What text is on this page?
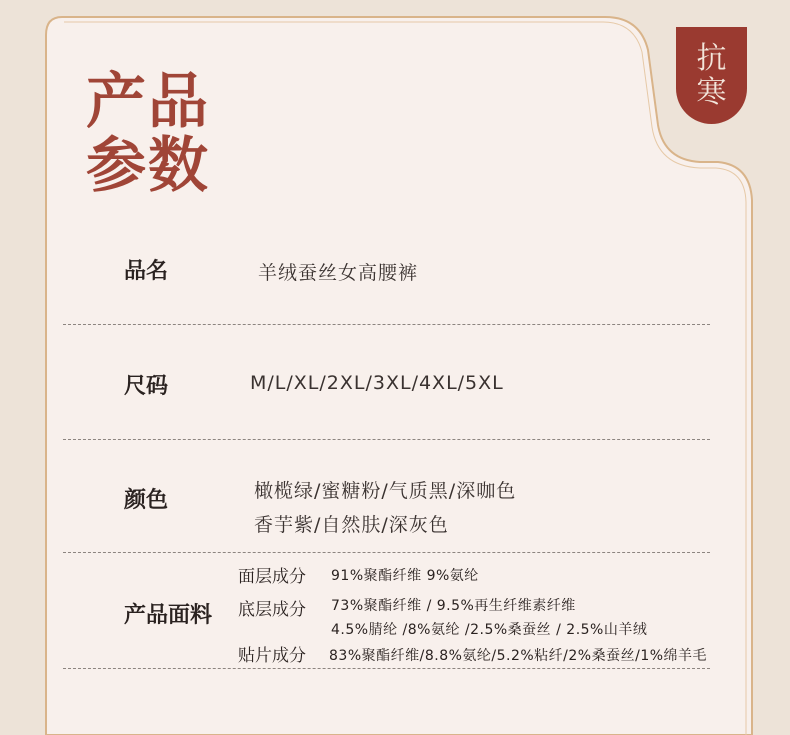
产品
参数
抗
寒
品名	羊绒蚕丝女高腰裤
尺码	M/L/XL/2XL/3XL/4XL/5XL
颜色	橄榄绿/蜜糖粉/气质黑/深咖色
香芋紫/自然肤/深灰色
产品面料
面层成分 91%聚酯纤维 9%氨纶
底层成分 73%聚酯纤维 / 9.5%再生纤维素纤维
4.5%腈纶 /8%氨纶 /2.5%桑蚕丝 / 2.5%山羊绒
贴片成分 83%聚酯纤维/8.8%氨纶/5.2%粘纤/2%桑蚕丝/1%绵羊毛
